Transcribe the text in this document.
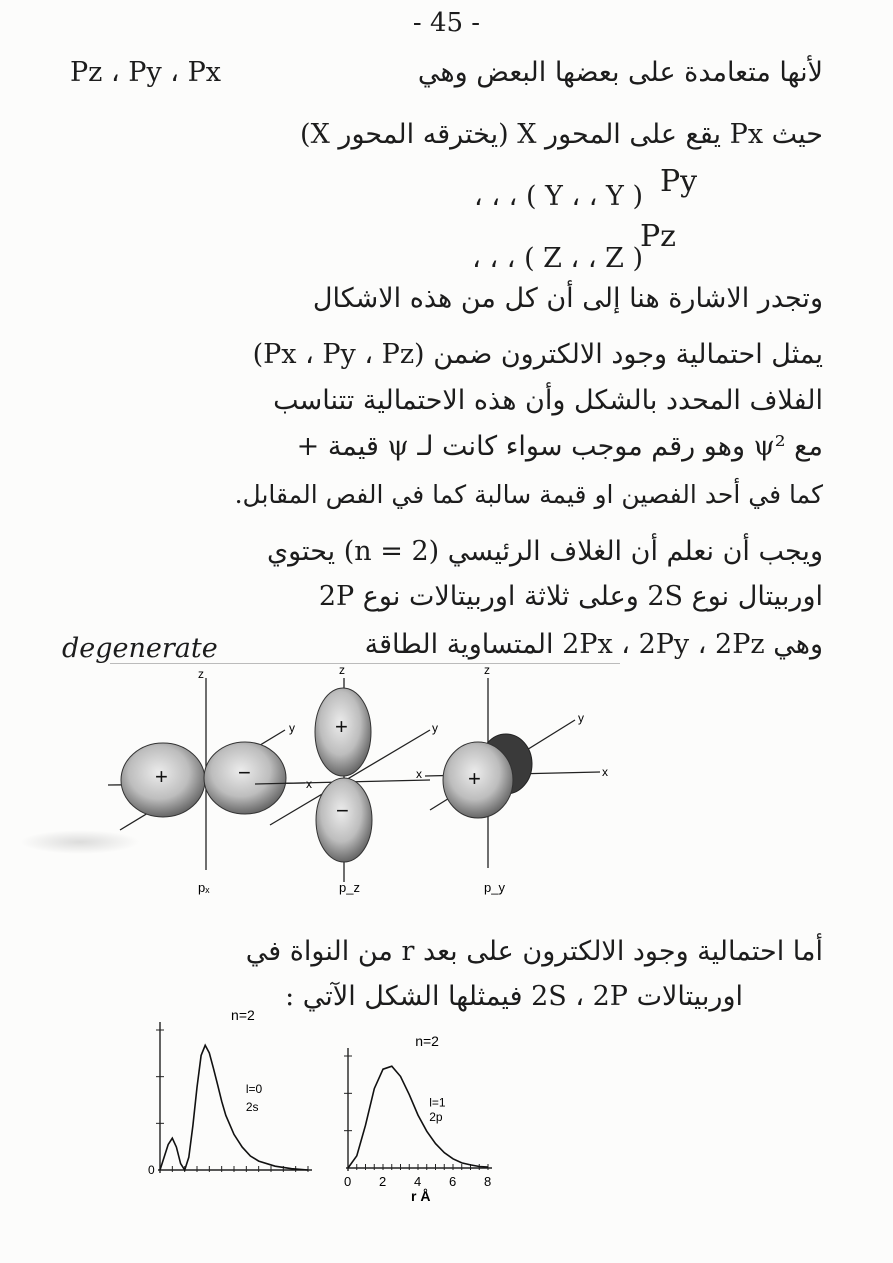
- 45 -
لأنها متعامدة على بعضها البعض وهي
Pz ، Py ، Px
حيث Px يقع على المحور X (يخترقه المحور X)
Py
، ، ، ( Y ، ، Y )
Pz
، ، ، ( Z ، ، Z )
وتجدر الاشارة هنا إلى أن كل من هذه الاشكال
(Px ، Py ، Pz) يمثل احتمالية وجود الالكترون ضمن
الفلاف المحدد بالشكل وأن هذه الاحتمالية تتناسب
مع ψ² وهو رقم موجب سواء كانت لـ ψ قيمة +
كما في أحد الفصين او قيمة سالبة كما في الفص المقابل.
ويجب أن نعلم أن الغلاف الرئيسي (n = 2) يحتوي
اوربيتال نوع 2S وعلى ثلاثة اوربيتالات نوع 2P
وهي 2Px ، 2Py ، 2Pz المتساوية الطاقة
degenerate
+	−
z
y
x
pₓ
+
−
z
y
x
p_z
+
z
y
x
p_y
أما احتمالية وجود الالكترون على بعد r من النواة في
اوربيتالات 2S ، 2P فيمثلها الشكل الآتي :
n=2
l=0
2s
0
n=2
l=1
2p
0 2 4 6 8
r Å
